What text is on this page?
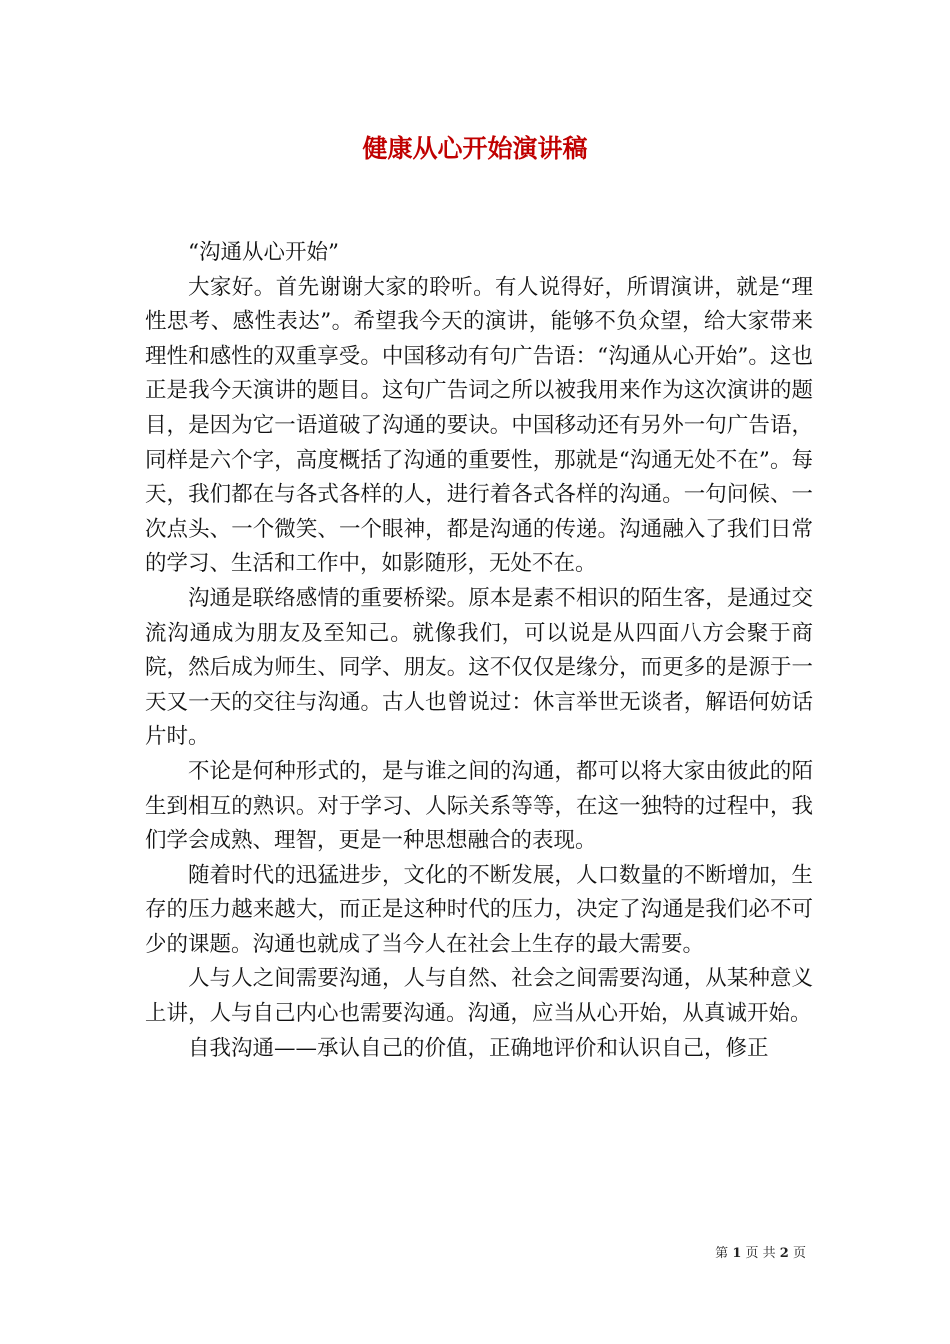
健康从心开始演讲稿

“沟通从心开始”

大家好。首先谢谢大家的聆听。有人说得好，所谓演讲，就是“理性思考、感性表达”。希望我今天的演讲，能够不负众望，给大家带来理性和感性的双重享受。中国移动有句广告语：“沟通从心开始”。这也正是我今天演讲的题目。这句广告词之所以被我用来作为这次演讲的题目，是因为它一语道破了沟通的要诀。中国移动还有另外一句广告语，同样是六个字，高度概括了沟通的重要性，那就是“沟通无处不在”。每天，我们都在与各式各样的人，进行着各式各样的沟通。一句问候、一次点头、一个微笑、一个眼神，都是沟通的传递。沟通融入了我们日常的学习、生活和工作中，如影随形，无处不在。

沟通是联络感情的重要桥梁。原本是素不相识的陌生客，是通过交流沟通成为朋友及至知己。就像我们，可以说是从四面八方会聚于商院，然后成为师生、同学、朋友。这不仅仅是缘分，而更多的是源于一天又一天的交往与沟通。古人也曾说过：休言举世无谈者，解语何妨话片时。

不论是何种形式的，是与谁之间的沟通，都可以将大家由彼此的陌生到相互的熟识。对于学习、人际关系等等，在这一独特的过程中，我们学会成熟、理智，更是一种思想融合的表现。

随着时代的迅猛进步，文化的不断发展，人口数量的不断增加，生存的压力越来越大，而正是这种时代的压力，决定了沟通是我们必不可少的课题。沟通也就成了当今人在社会上生存的最大需要。

人与人之间需要沟通，人与自然、社会之间需要沟通，从某种意义上讲，人与自己内心也需要沟通。沟通，应当从心开始，从真诚开始。

自我沟通——承认自己的价值，正确地评价和认识自己，修正

第 1 页 共 2 页
